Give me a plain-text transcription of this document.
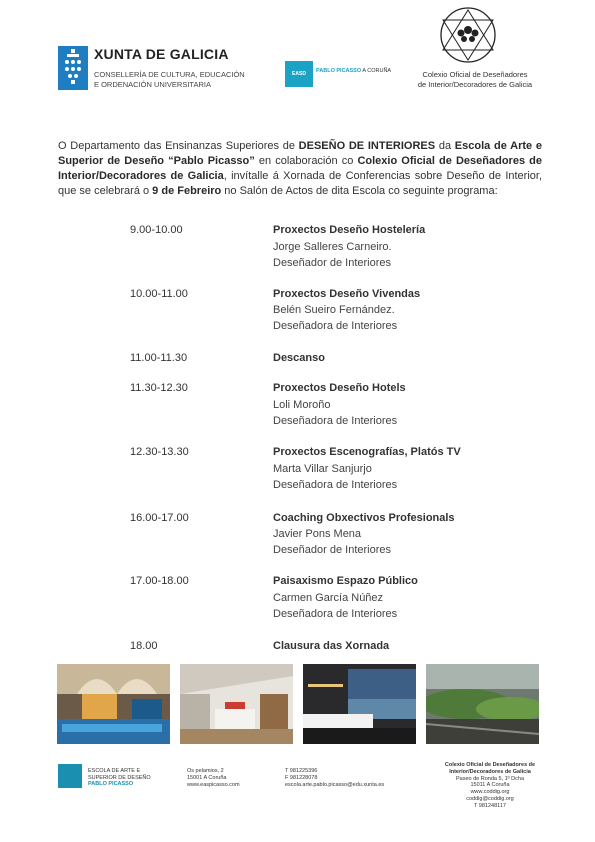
XUNTA DE GALICIA
CONSELLERÍA DE CULTURA, EDUCACIÓN
E ORDENACIÓN UNIVERSITARIA
EASD	PABLO PICASSO A CORUÑA	Colexio Oficial de Deseñadores
de Interior/Decoradores de Galicia
O Departamento das Ensinanzas Superiores de DESEÑO DE INTERIORES da Escola de Arte e Superior de Deseño “Pablo Picasso” en colaboración co Colexio Oficial de Deseñadores de Interior/Decoradores de Galicia, invítalle á Xornada de Conferencias sobre Deseño de Interior, que se celebrará o 9 de Febreiro no Salón de Actos de dita Escola co seguinte programa:
9.00-10.00	Proxectos Deseño Hostelería
Jorge Salleres Carneiro.
Deseñador de Interiores
10.00-11.00	Proxectos Deseño Vivendas
Belén Sueiro Fernández.
Deseñadora de Interiores
11.00-11.30	Descanso
11.30-12.30	Proxectos Deseño Hotels
Loli Moroño
Deseñadora de Interiores
12.30-13.30	Proxectos Escenografías, Platós TV
Marta Villar Sanjurjo
Deseñadora de Interiores
16.00-17.00	Coaching Obxectivos Profesionals
Javier Pons Mena
Deseñador de Interiores
17.00-18.00	Paisaxismo Espazo Público
Carmen García Núñez
Deseñadora de Interiores
18.00	Clausura das Xornada
ESCOLA DE ARTE E
SUPERIOR DE DESEÑO
PABLO PICASSO
Os pelamios, 2
15001 A Coruña
www.easpicasso.com
T 981225396
F 981228078
escola.arte.pablo.picasso@edu.xunta.es
Colexio Oficial de Deseñadores de
Interior/Decoradores de Galicia
Paseo de Ronda 5, 1º Dcha
15011 A Coruña
www.coddig.org
coddig@coddig.org
T 981248117
